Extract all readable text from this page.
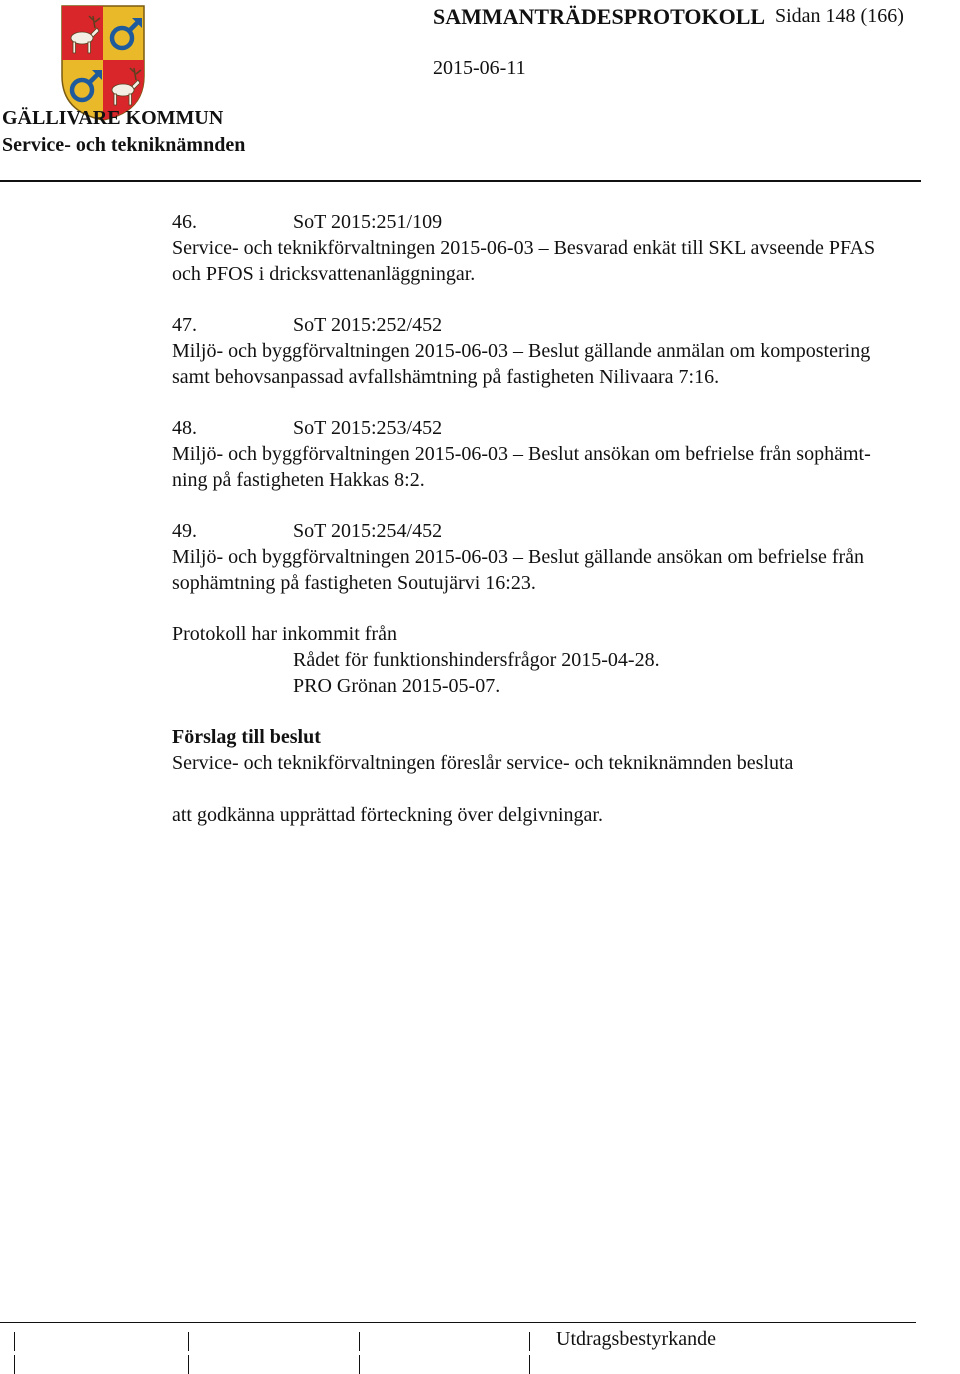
SAMMANTRÄDESPROTOKOLL Sidan 148 (166)
2015-06-11
GÄLLIVARE KOMMUN
Service- och tekniknämnden
46.	SoT 2015:251/109
Service- och teknikförvaltningen 2015-06-03 – Besvarad enkät till SKL avseende PFAS
och PFOS i dricksvattenanläggningar.
47.	SoT 2015:252/452
Miljö- och byggförvaltningen 2015-06-03 – Beslut gällande anmälan om kompostering
samt behovsanpassad avfallshämtning på fastigheten Nilivaara 7:16.
48.	SoT 2015:253/452
Miljö- och byggförvaltningen 2015-06-03 – Beslut ansökan om befrielse från sophämt-
ning på fastigheten Hakkas 8:2.
49.	SoT 2015:254/452
Miljö- och byggförvaltningen 2015-06-03 – Beslut gällande ansökan om befrielse från
sophämtning på fastigheten Soutujärvi 16:23.
Protokoll har inkommit från
Rådet för funktionshindersfrågor 2015-04-28.
PRO Grönan 2015-05-07.
Förslag till beslut
Service- och teknikförvaltningen föreslår service- och tekniknämnden besluta
att godkänna upprättad förteckning över delgivningar.
Utdragsbestyrkande
